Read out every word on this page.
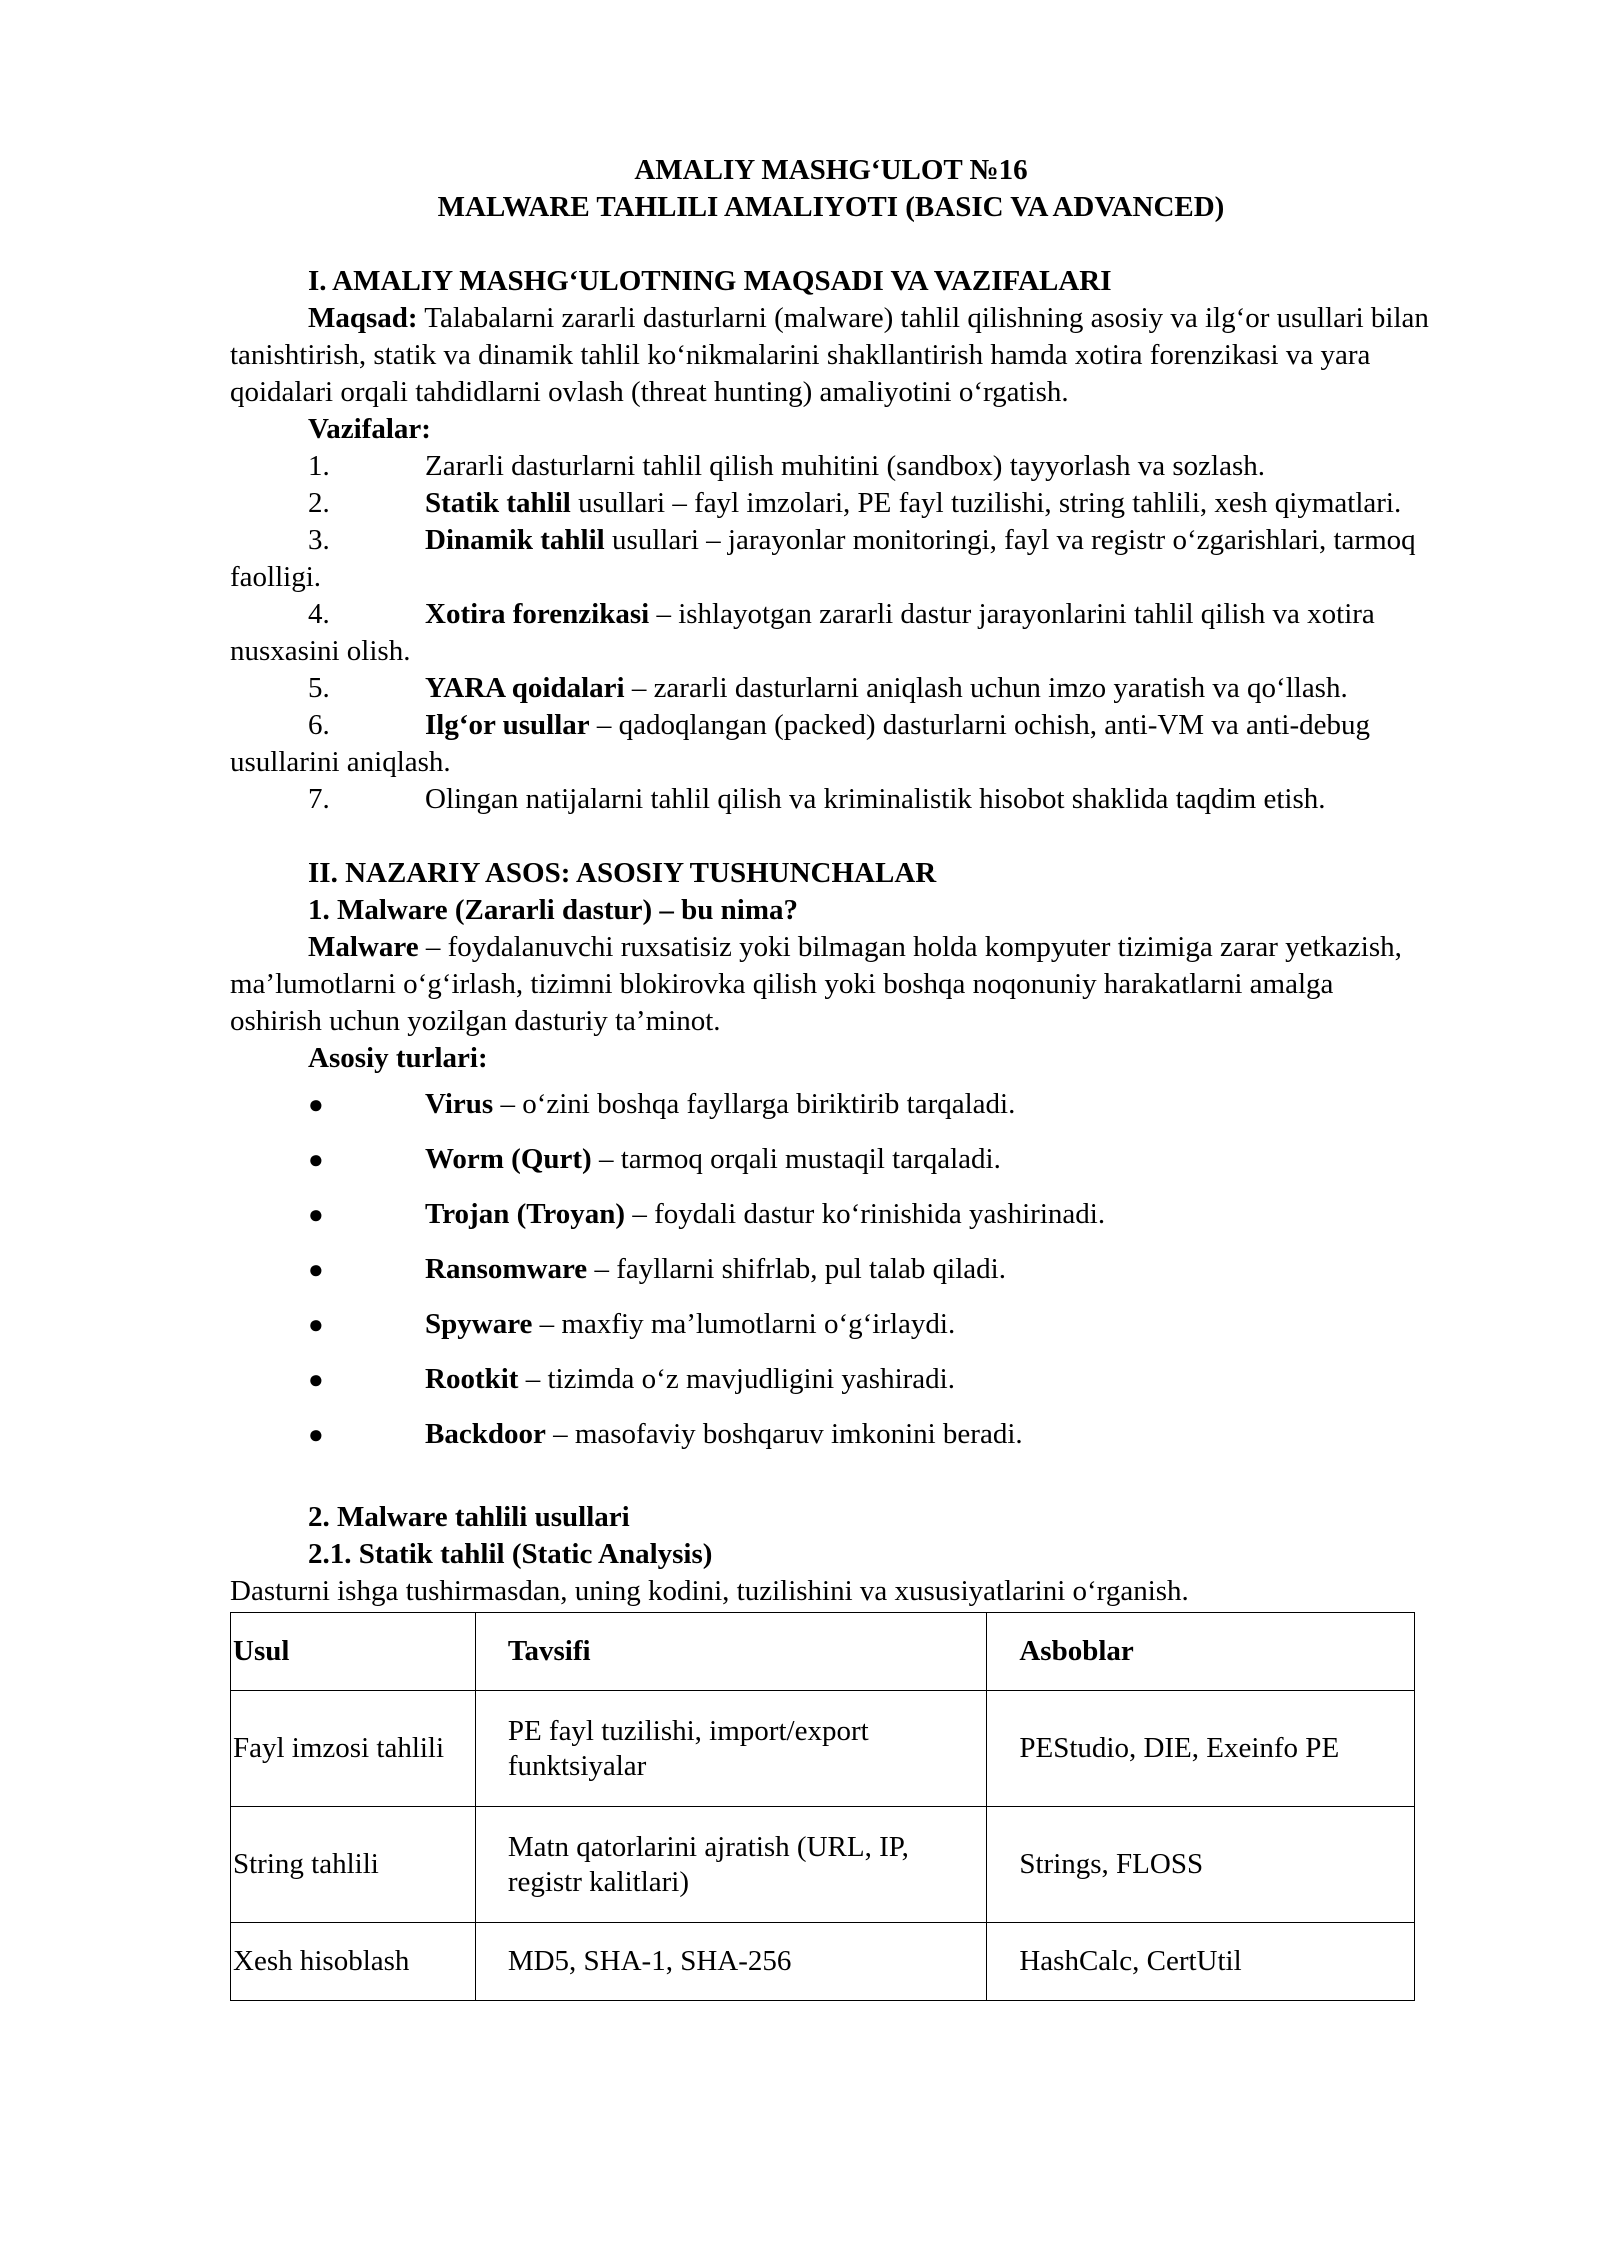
AMALIY MASHG‘ULOT №16

MALWARE TAHLILI AMALIYOTI (BASIC VA ADVANCED)

I. AMALIY MASHG‘ULOTNING MAQSADI VA VAZIFALARI

Maqsad: Talabalarni zararli dasturlarni (malware) tahlil qilishning asosiy va ilg‘or usullari bilan tanishtirish, statik va dinamik tahlil ko‘nikmalarini shakllantirish hamda xotira forenzikasi va yara qoidalari orqali tahdidlarni ovlash (threat hunting) amaliyotini o‘rgatish.

Vazifalar:

1.	Zararli dasturlarni tahlil qilish muhitini (sandbox) tayyorlash va sozlash.
2.	Statik tahlil usullari – fayl imzolari, PE fayl tuzilishi, string tahlili, xesh qiymatlari.
3.	Dinamik tahlil usullari – jarayonlar monitoringi, fayl va registr o‘zgarishlari, tarmoq faolligi.
4.	Xotira forenzikasi – ishlayotgan zararli dastur jarayonlarini tahlil qilish va xotira nusxasini olish.
5.	YARA qoidalari – zararli dasturlarni aniqlash uchun imzo yaratish va qo‘llash.
6.	Ilg‘or usullar – qadoqlangan (packed) dasturlarni ochish, anti-VM va anti-debug usullarini aniqlash.
7.	Olingan natijalarni tahlil qilish va kriminalistik hisobot shaklida taqdim etish.

II. NAZARIY ASOS: ASOSIY TUSHUNCHALAR

1. Malware (Zararli dastur) – bu nima?

Malware – foydalanuvchi ruxsatisiz yoki bilmagan holda kompyuter tizimiga zarar yetkazish, ma’lumotlarni o‘g‘irlash, tizimni blokirovka qilish yoki boshqa noqonuniy harakatlarni amalga oshirish uchun yozilgan dasturiy ta’minot.

Asosiy turlari:

●	Virus – o‘zini boshqa fayllarga biriktirib tarqaladi.
●	Worm (Qurt) – tarmoq orqali mustaqil tarqaladi.
●	Trojan (Troyan) – foydali dastur ko‘rinishida yashirinadi.
●	Ransomware – fayllarni shifrlab, pul talab qiladi.
●	Spyware – maxfiy ma’lumotlarni o‘g‘irlaydi.
●	Rootkit – tizimda o‘z mavjudligini yashiradi.
●	Backdoor – masofaviy boshqaruv imkonini beradi.

2. Malware tahlili usullari

2.1. Statik tahlil (Static Analysis)

Dasturni ishga tushirmasdan, uning kodini, tuzilishini va xususiyatlarini o‘rganish.

Usul	Tavsifi	Asboblar
Fayl imzosi tahlili	PE fayl tuzilishi, import/export funktsiyalar	PEStudio, DIE, Exeinfo PE
String tahlili	Matn qatorlarini ajratish (URL, IP, registr kalitlari)	Strings, FLOSS
Xesh hisoblash	MD5, SHA-1, SHA-256	HashCalc, CertUtil
